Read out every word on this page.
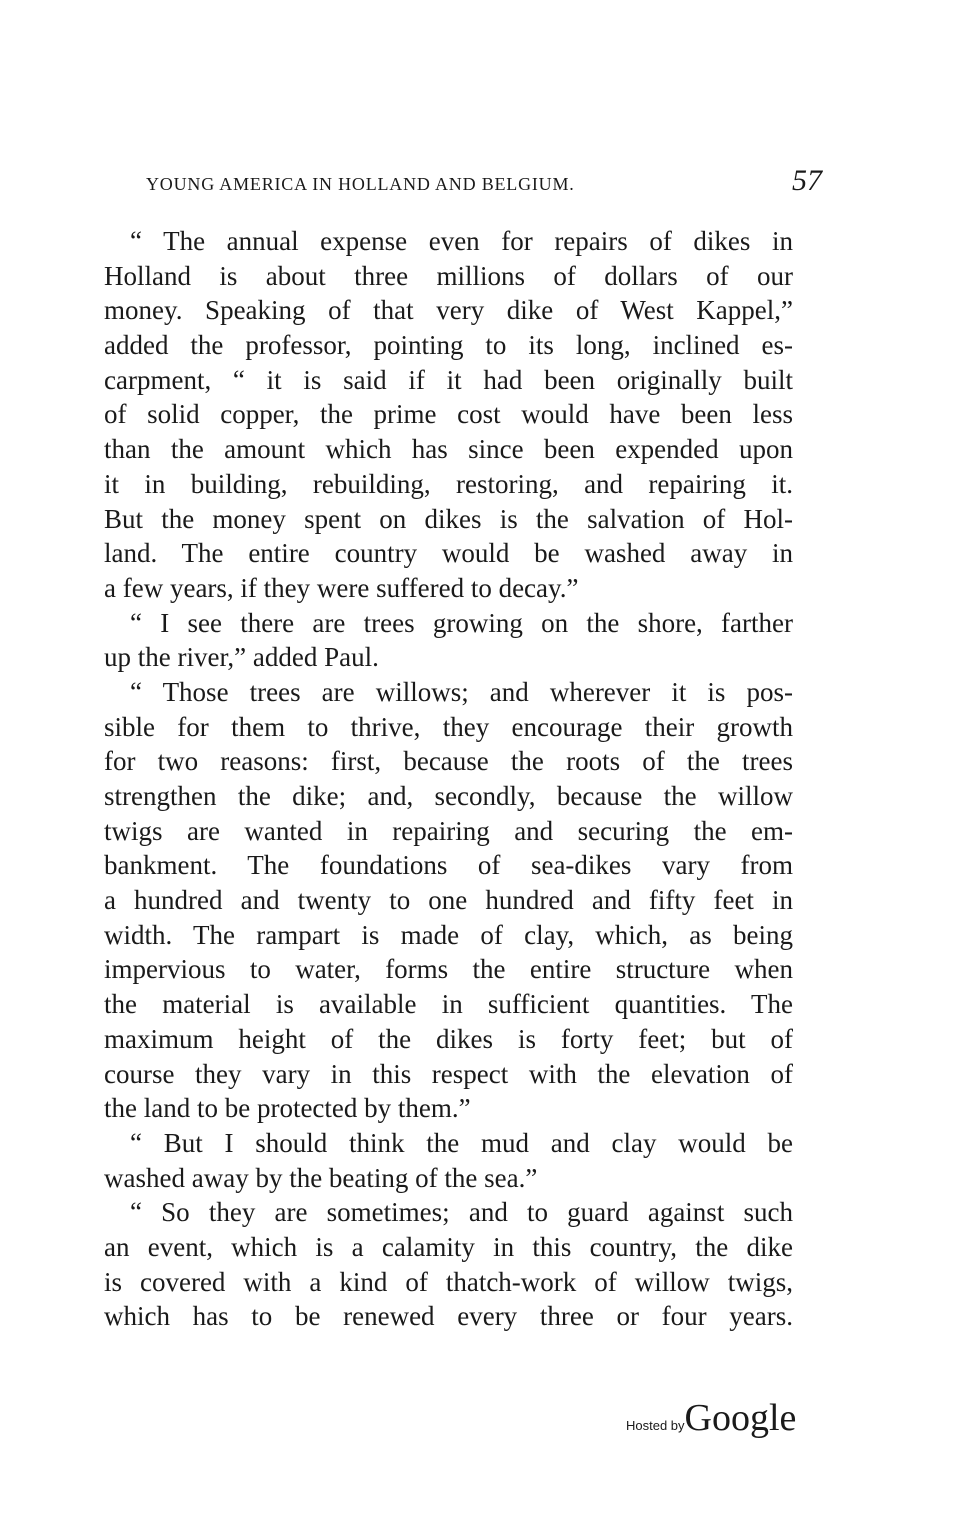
YOUNG AMERICA IN HOLLAND AND BELGIUM.	57
“ The annual expense even for repairs of dikes in
Holland is about three millions of dollars of our
money. Speaking of that very dike of West Kappel,”
added the professor, pointing to its long, inclined es-
carpment, “ it is said if it had been originally built
of solid copper, the prime cost would have been less
than the amount which has since been expended upon
it in building, rebuilding, restoring, and repairing it.
But the money spent on dikes is the salvation of Hol-
land. The entire country would be washed away in
a few years, if they were suffered to decay.”
“ I see there are trees growing on the shore, farther
up the river,” added Paul.
“ Those trees are willows; and wherever it is pos-
sible for them to thrive, they encourage their growth
for two reasons: first, because the roots of the trees
strengthen the dike; and, secondly, because the willow
twigs are wanted in repairing and securing the em-
bankment. The foundations of sea-dikes vary from
a hundred and twenty to one hundred and fifty feet in
width. The rampart is made of clay, which, as being
impervious to water, forms the entire structure when
the material is available in sufficient quantities. The
maximum height of the dikes is forty feet; but of
course they vary in this respect with the elevation of
the land to be protected by them.”
“ But I should think the mud and clay would be
washed away by the beating of the sea.”
“ So they are sometimes; and to guard against such
an event, which is a calamity in this country, the dike
is covered with a kind of thatch-work of willow twigs,
which has to be renewed every three or four years.
Hosted byGoogle
